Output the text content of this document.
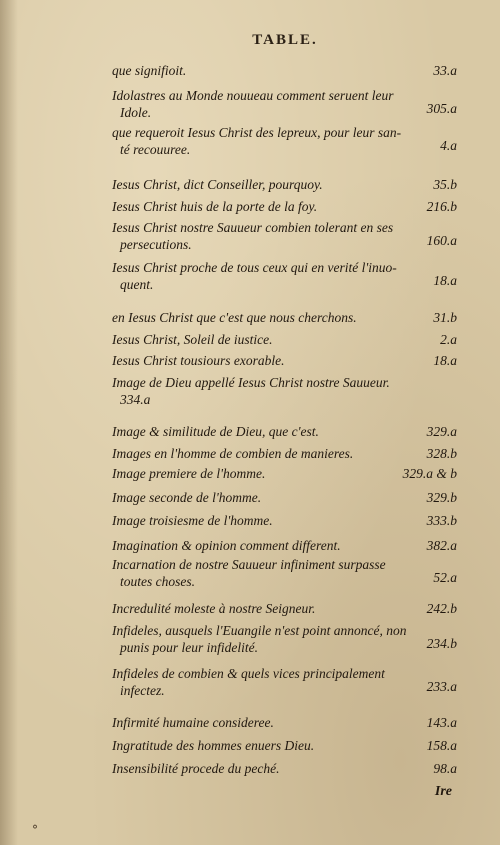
TABLE.
que signifioit.	33.a
Idolastres au Monde nouueau comment seruent leur
Idole.	305.a
que requeroit Iesus Christ des lepreux, pour leur san-
té recouuree.	4.a
Iesus Christ, dict Conseiller, pourquoy.	35.b
Iesus Christ huis de la porte de la foy.	216.b
Iesus Christ nostre Sauueur combien tolerant en ses
persecutions.	160.a
Iesus Christ proche de tous ceux qui en verité l'inuo-
quent.	18.a
en Iesus Christ que c'est que nous cherchons.	31.b
Iesus Christ, Soleil de iustice.	2.a
Iesus Christ tousiours exorable.	18.a
Image de Dieu appellé Iesus Christ nostre Sauueur.
334.a
Image & similitude de Dieu, que c'est.	329.a
Images en l'homme de combien de manieres.	328.b
Image premiere de l'homme.	329.a & b
Image seconde de l'homme.	329.b
Image troisiesme de l'homme.	333.b
Imagination & opinion comment different.	382.a
Incarnation de nostre Sauueur infiniment surpasse
toutes choses.	52.a
Incredulité moleste à nostre Seigneur.	242.b
Infideles, ausquels l'Euangile n'est point annoncé, non
punis pour leur infidelité.	234.b
Infideles de combien & quels vices principalement
infectez.	233.a
Infirmité humaine consideree.	143.a
Ingratitude des hommes enuers Dieu.	158.a
Insensibilité procede du peché.	98.a
Ire
°
